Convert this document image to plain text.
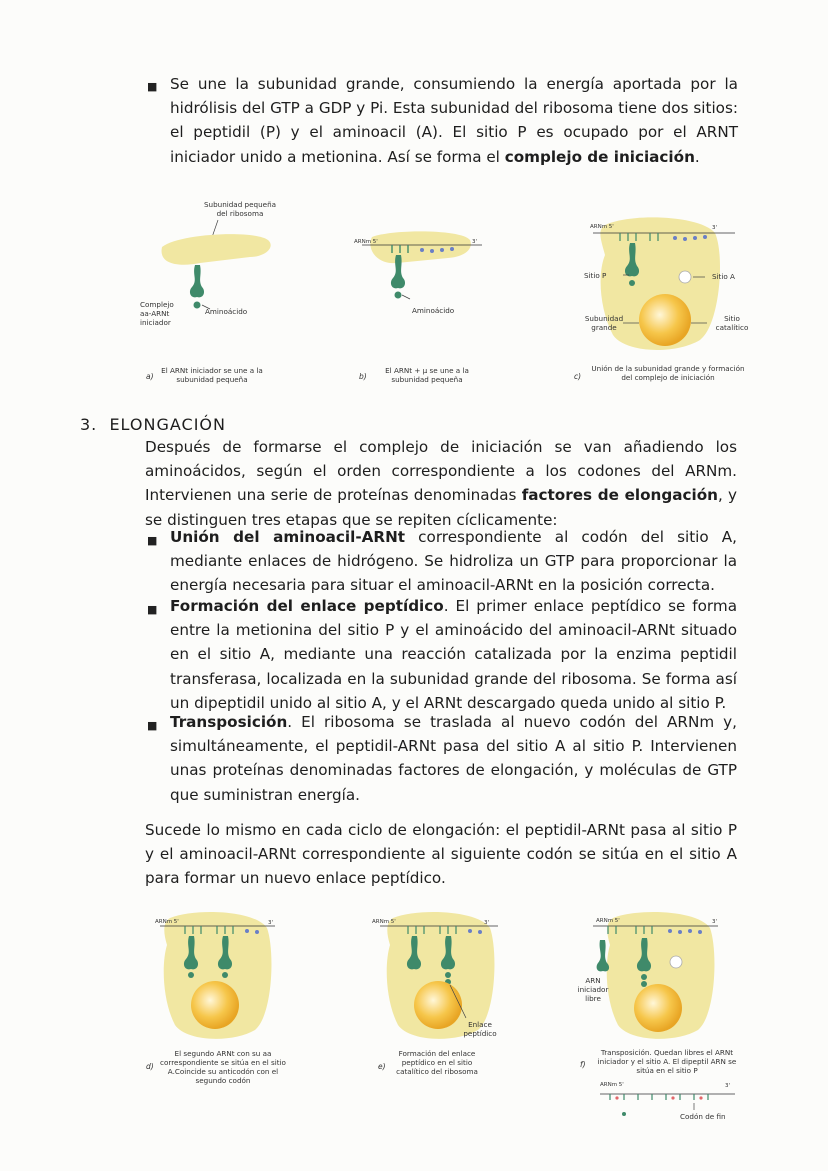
■ Se une la subunidad grande, consumiendo la energía aportada por la hidrólisis del GTP a GDP y Pi. Esta subunidad del ribosoma tiene dos sitios: el peptidil (P) y el aminoacil (A). El sitio P es ocupado por el ARNT iniciador unido a metionina. Así se forma el complejo de iniciación.
Subunidad pequeña del ribosoma
Complejo aa-ARNt iniciador
Aminoácido
a)
El ARNt iniciador se une a la subunidad pequeña
ARNm 5'	3'
Aminoácido
b)
El ARNt + μ se une a la subunidad pequeña
ARNm 5'	3'
Sitio P	Sitio A
Subunidad grande
Sitio catalítico
c)
Unión de la subunidad grande y formación del complejo de iniciación
3. ELONGACIÓN
Después de formarse el complejo de iniciación se van añadiendo los aminoácidos, según el orden correspondiente a los codones del ARNm. Intervienen una serie de proteínas denominadas factores de elongación, y se distinguen tres etapas que se repiten cíclicamente:
■ Unión del aminoacil-ARNt correspondiente al codón del sitio A, mediante enlaces de hidrógeno. Se hidroliza un GTP para proporcionar la energía necesaria para situar el aminoacil-ARNt en la posición correcta.
■ Formación del enlace peptídico. El primer enlace peptídico se forma entre la metionina del sitio P y el aminoácido del aminoacil-ARNt situado en el sitio A, mediante una reacción catalizada por la enzima peptidil transferasa, localizada en la subunidad grande del ribosoma. Se forma así un dipeptidil unido al sitio A, y el ARNt descargado queda unido al sitio P.
■ Transposición. El ribosoma se traslada al nuevo codón del ARNm y, simultáneamente, el peptidil-ARNt pasa del sitio A al sitio P. Intervienen unas proteínas denominadas factores de elongación, y moléculas de GTP que suministran energía.
Sucede lo mismo en cada ciclo de elongación: el peptidil-ARNt pasa al sitio P y el aminoacil-ARNt correspondiente al siguiente codón se sitúa en el sitio A para formar un nuevo enlace peptídico.
ARNm 5'	3'
d)
El segundo ARNt con su aa correspondiente se sitúa en el sitio A.Coincide su anticodón con el segundo codón
ARNm 5'	3'
Enlace peptídico
e)
Formación del enlace peptídico en el sitio catalítico del ribosoma
ARNm 5'	3'
ARN iniciador libre
f)
Transposición. Quedan libres el ARNt iniciador y el sitio A. El dipeptil ARN se sitúa en el sitio P
ARNm 5'	3'
Codón de fin
